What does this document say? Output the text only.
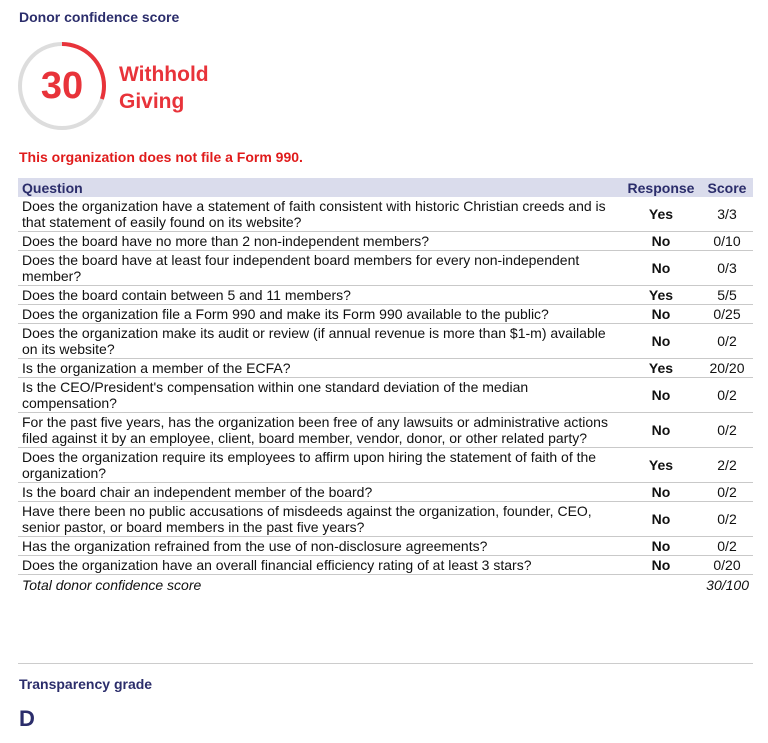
Donor confidence score
30	Withhold Giving
This organization does not file a Form 990.
Question	Response	Score
Does the organization have a statement of faith consistent with historic Christian creeds and is that statement of easily found on its website?	Yes	3/3
Does the board have no more than 2 non-independent members?	No	0/10
Does the board have at least four independent board members for every non-independent member?	No	0/3
Does the board contain between 5 and 11 members?	Yes	5/5
Does the organization file a Form 990 and make its Form 990 available to the public?	No	0/25
Does the organization make its audit or review (if annual revenue is more than $1-m) available on its website?	No	0/2
Is the organization a member of the ECFA?	Yes	20/20
Is the CEO/President's compensation within one standard deviation of the median compensation?	No	0/2
For the past five years, has the organization been free of any lawsuits or administrative actions filed against it by an employee, client, board member, vendor, donor, or other related party?	No	0/2
Does the organization require its employees to affirm upon hiring the statement of faith of the organization?	Yes	2/2
Is the board chair an independent member of the board?	No	0/2
Have there been no public accusations of misdeeds against the organization, founder, CEO, senior pastor, or board members in the past five years?	No	0/2
Has the organization refrained from the use of non-disclosure agreements?	No	0/2
Does the organization have an overall financial efficiency rating of at least 3 stars?	No	0/20
Total donor confidence score		30/100
Transparency grade
D
